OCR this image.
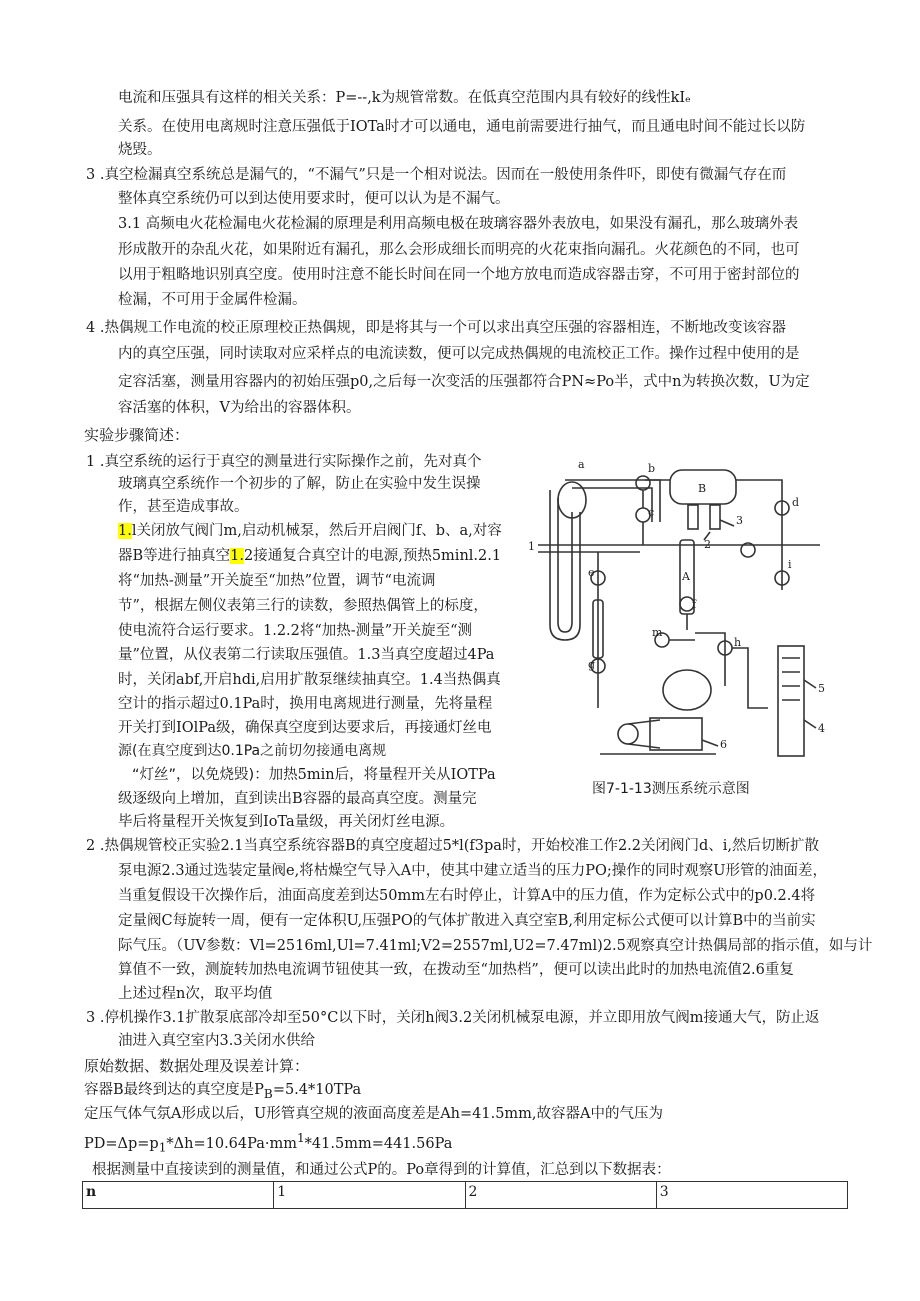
电流和压强具有这样的相关关系：P=--,k为规管常数。在低真空范围内具有较好的线性kIₑ
关系。在使用电离规时注意压强低于IOTa时才可以通电，通电前需要进行抽气，而且通电时间不能过长以防
烧毁。
3 .真空检漏真空系统总是漏气的，“不漏气”只是一个相对说法。因而在一般使用条件吓，即使有微漏气存在而
整体真空系统仍可以到达使用要求时，便可以认为是不漏气。
3.1 高频电火花检漏电火花检漏的原理是利用高频电极在玻璃容器外表放电，如果没有漏孔，那么玻璃外表
形成散开的杂乱火花，如果附近有漏孔，那么会形成细长而明亮的火花束指向漏孔。火花颜色的不同，也可
以用于粗略地识别真空度。使用时注意不能长时间在同一个地方放电而造成容器击穿，不可用于密封部位的
检漏，不可用于金属件检漏。
4 .热偶规工作电流的校正原理校正热偶规，即是将其与一个可以求出真空压强的容器相连，不断地改变该容器
内的真空压强，同时读取对应采样点的电流读数，便可以完成热偶规的电流校正工作。操作过程中使用的是
定容活塞，测量用容器内的初始压强p0,之后每一次变活的压强都符合PN≈Po半，式中n为转换次数，U为定
容活塞的体积，V为给出的容器体积。
实验步骤简述：
1 .真空系统的运行于真空的测量进行实际操作之前，先对真个
玻璃真空系统作一个初步的了解，防止在实验中发生误操
作，甚至造成事故。
1.l关闭放气阀门m,启动机械泵，然后开启阀门f、b、a,对容
器B等进行抽真空1.2接通复合真空计的电源,预热5minl.2.1
将“加热-测量”开关旋至“加热”位置，调节“电流调
节”，根据左侧仪表第三行的读数，参照热偶管上的标度，
使电流符合运行要求。1.2.2将“加热-测量”开关旋至“测
量”位置，从仪表第二行读取压强值。1.3当真空度超过4Pa
时，关闭abf,开启hdi,启用扩散泵继续抽真空。1.4当热偶真
空计的指示超过0.1Pa时，换用电离规进行测量，先将量程
开关打到IOlPa级，确保真空度到达要求后，再接通灯丝电
源(在真空度到达0.1Pa之前切勿接通电离规
“灯丝”，以免烧毁)：加热5min后，将量程开关从IOTPa
级逐级向上增加，直到读出B容器的最高真空度。测量完
毕后将量程开关恢复到IoTa量级，再关闭灯丝电源。
a	b
B
c
d
A
e
f
g
h
i
m
1	2
3
4
5
6
图7-1-13测压系统示意图
2 .热偶规管校正实验2.1当真空系统容器B的真空度超过5*l(f3pa时，开始校准工作2.2关闭阀门d、i,然后切断扩散
泵电源2.3通过选装定量阀e,将枯燥空气导入A中，使其中建立适当的压力PO;操作的同时观察U形管的油面差，
当重复假设干次操作后，油面高度差到达50mm左右时停止，计算A中的压力值，作为定标公式中的p0.2.4将
定量阀C每旋转一周，便有一定体积U,压强PO的气体扩散进入真空室B,利用定标公式便可以计算B中的当前实
际气压。（UV参数：Vl=2516ml,Ul=7.41ml;V2=2557ml,U2=7.47ml)2.5观察真空计热偶局部的指示值，如与计
算值不一致，测旋转加热电流调节钮使其一致，在拨动至“加热档”，便可以读出此时的加热电流值2.6重复
上述过程n次，取平均值
3 .停机操作3.1扩散泵底部冷却至50°C以下时，关闭h阀3.2关闭机械泵电源，并立即用放气阀m接通大气，防止返
油进入真空室内3.3关闭水供给
原始数据、数据处理及误差计算：
容器B最终到达的真空度是$P_B=5.4*10TPa$
定压气体气氛A形成以后，U形管真空规的液面高度差是Ah=41.5mm,故容器A中的气压为
$PD=\Delta p=p_1*\Delta h=10.64Pa\cdot mm^1*41.5mm=441.56Pa$
根据测量中直接读到的测量值，和通过公式P的。Po章得到的计算值，汇总到以下数据表：
n	1	2	3
